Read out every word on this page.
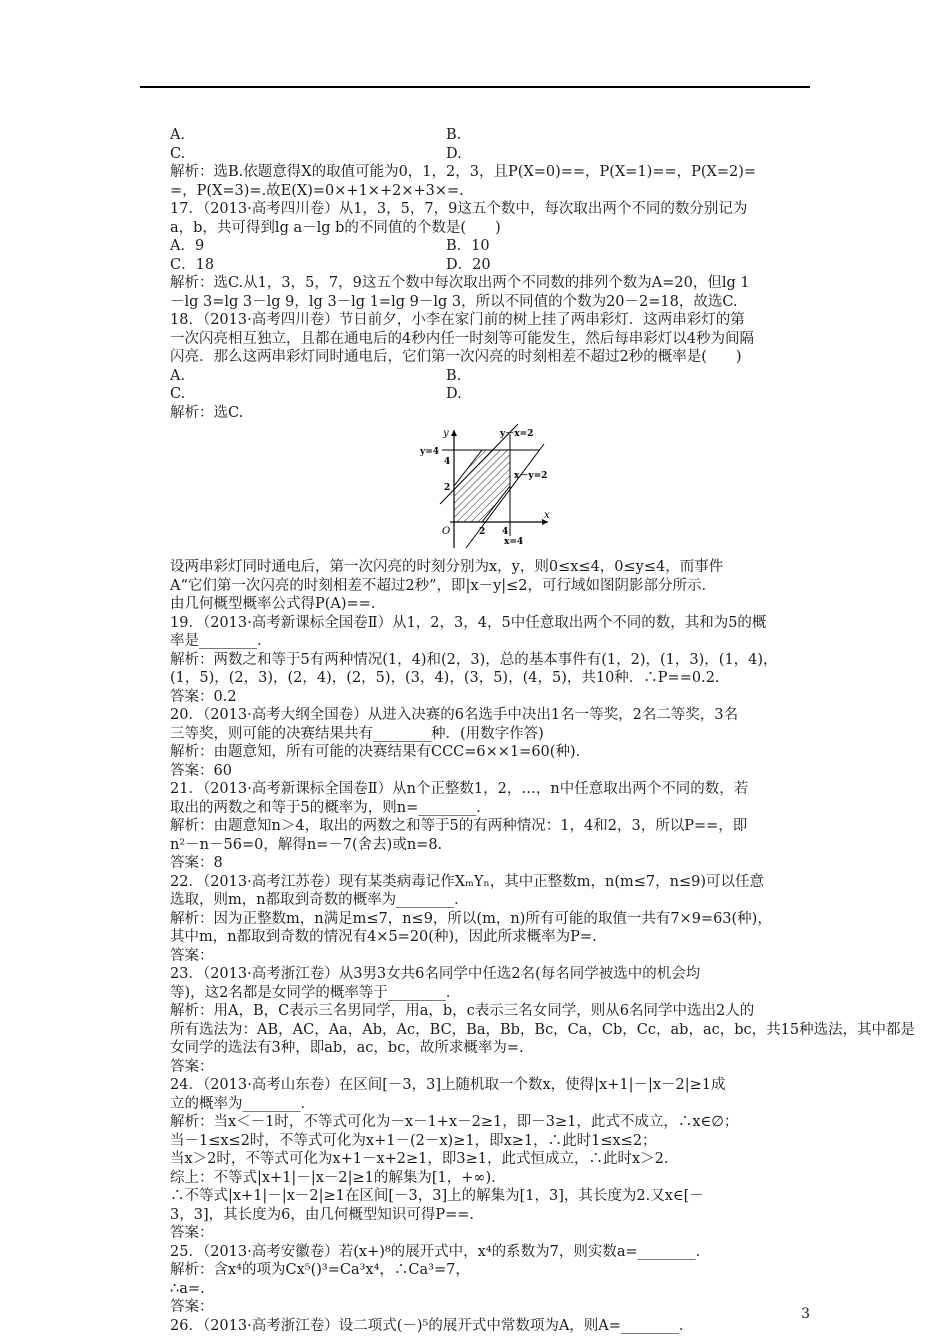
A.	B.
C.	D.
解析：选B.依题意得X的取值可能为0，1，2，3，且P(X=0)==，P(X=1)==，P(X=2)=
=，P(X=3)=.故E(X)=0×+1×+2×+3×=.
17．（2013·高考四川卷）从1，3，5，7，9这五个数中，每次取出两个不同的数分别记为
a，b，共可得到lg a－lg b的不同值的个数是(　　)
A．9	B．10
C．18	D．20
解析：选C.从1，3，5，7，9这五个数中每次取出两个不同数的排列个数为A=20，但lg 1
－lg 3=lg 3－lg 9，lg 3－lg 1=lg 9－lg 3，所以不同值的个数为20－2=18，故选C.
18．（2013·高考四川卷）节日前夕，小李在家门前的树上挂了两串彩灯．这两串彩灯的第
一次闪亮相互独立，且都在通电后的4秒内任一时刻等可能发生，然后每串彩灯以4秒为间隔
闪亮．那么这两串彩灯同时通电后，它们第一次闪亮的时刻相差不超过2秒的概率是(　　)
A.	B.
C.	D.
解析：选C.
y
x
O
y－x=2
x－y=2
y=4
x=4
4
2
2 4
设两串彩灯同时通电后，第一次闪亮的时刻分别为x，y，则0≤x≤4，0≤y≤4，而事件
A“它们第一次闪亮的时刻相差不超过2秒”，即|x－y|≤2，可行域如图阴影部分所示．
由几何概型概率公式得P(A)==.
19．（2013·高考新课标全国卷Ⅱ）从1，2，3，4，5中任意取出两个不同的数，其和为5的概
率是________．
解析：两数之和等于5有两种情况(1，4)和(2，3)，总的基本事件有(1，2)，(1，3)，(1，4)，
(1，5)，(2，3)，(2，4)，(2，5)，(3，4)，(3，5)，(4，5)，共10种．∴P==0.2.
答案：0.2
20．（2013·高考大纲全国卷）从进入决赛的6名选手中决出1名一等奖，2名二等奖，3名
三等奖，则可能的决赛结果共有________种．(用数字作答)
解析：由题意知，所有可能的决赛结果有CCC=6××1=60(种)．
答案：60
21．（2013·高考新课标全国卷Ⅱ）从n个正整数1，2，…，n中任意取出两个不同的数，若
取出的两数之和等于5的概率为，则n=________．
解析：由题意知n＞4，取出的两数之和等于5的有两种情况：1，4和2，3，所以P==，即
n²－n－56=0，解得n=－7(舍去)或n=8.
答案：8
22．（2013·高考江苏卷）现有某类病毒记作XₘYₙ，其中正整数m，n(m≤7，n≤9)可以任意
选取，则m，n都取到奇数的概率为________．
解析：因为正整数m，n满足m≤7，n≤9，所以(m，n)所有可能的取值一共有7×9=63(种)，
其中m，n都取到奇数的情况有4×5=20(种)，因此所求概率为P=.
答案：
23．（2013·高考浙江卷）从3男3女共6名同学中任选2名(每名同学被选中的机会均
等)，这2名都是女同学的概率等于________．
解析：用A，B，C表示三名男同学，用a，b，c表示三名女同学，则从6名同学中选出2人的
所有选法为：AB，AC，Aa，Ab，Ac，BC，Ba，Bb，Bc，Ca，Cb，Cc，ab，ac，bc，共15种选法，其中都是
女同学的选法有3种，即ab，ac，bc，故所求概率为=.
答案：
24．（2013·高考山东卷）在区间[－3，3]上随机取一个数x，使得|x+1|－|x－2|≥1成
立的概率为________．
解析：当x＜－1时，不等式可化为－x－1+x－2≥1，即－3≥1，此式不成立，∴x∈∅；
当－1≤x≤2时，不等式可化为x+1－(2－x)≥1，即x≥1，∴此时1≤x≤2；
当x＞2时，不等式可化为x+1－x+2≥1，即3≥1，此式恒成立，∴此时x＞2.
综上：不等式|x+1|－|x－2|≥1的解集为[1，+∞)．
∴不等式|x+1|－|x－2|≥1在区间[－3，3]上的解集为[1，3]，其长度为2.又x∈[－
3，3]，其长度为6，由几何概型知识可得P==.
答案：
25．（2013·高考安徽卷）若(x+)⁸的展开式中，x⁴的系数为7，则实数a=________．
解析：含x⁴的项为Cx⁵()³=Ca³x⁴，∴Ca³=7，
∴a=.
答案：
26．（2013·高考浙江卷）设二项式(－)⁵的展开式中常数项为A，则A=________．
3
